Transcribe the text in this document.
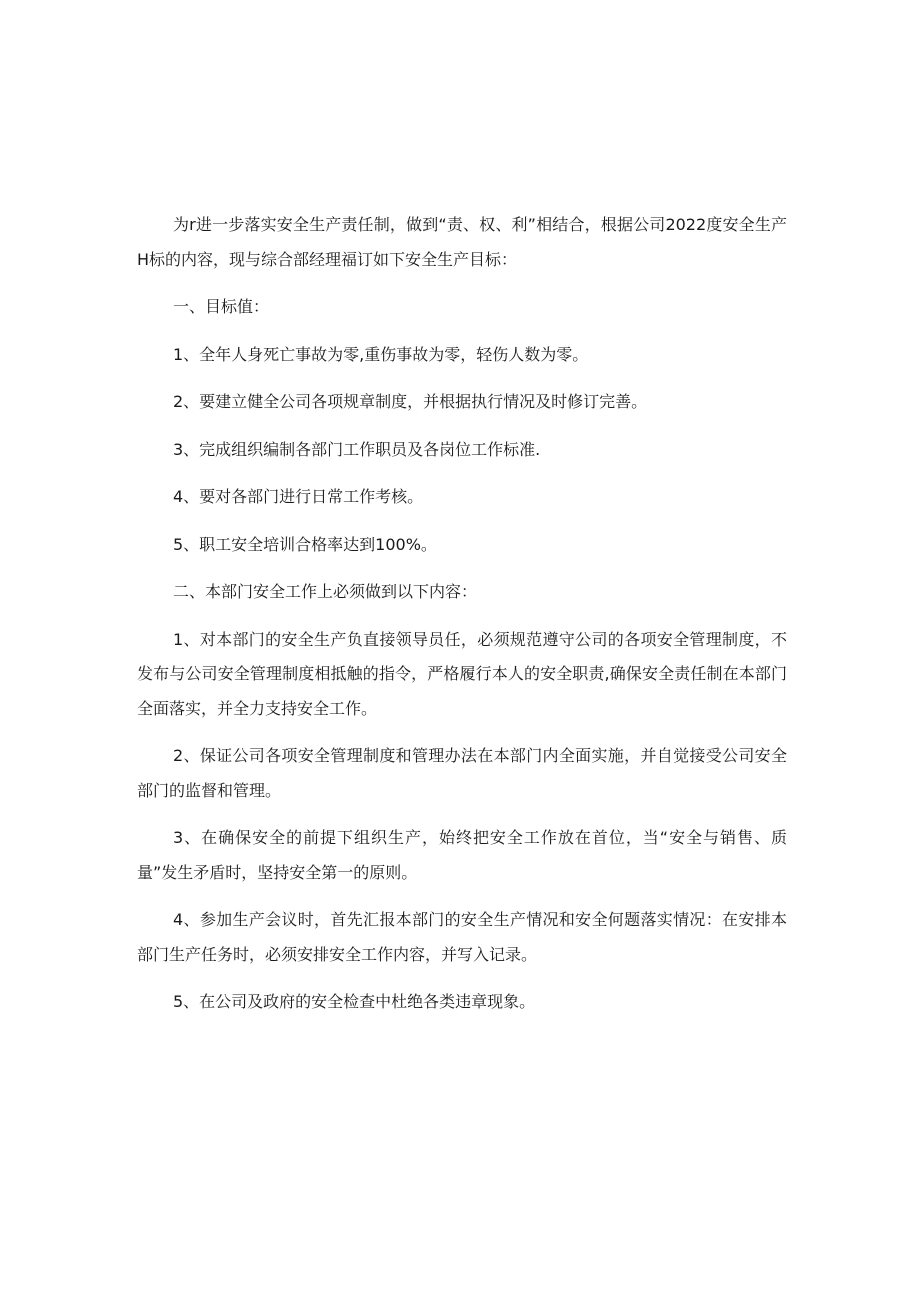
为r进一步落实安全生产责任制，做到“责、权、利”相结合，根据公司2022度安全生产H标的内容，现与综合部经理福订如下安全生产目标：

一、目标值：

1、全年人身死亡事故为零,重伤事故为零，轻伤人数为零。

2、要建立健全公司各项规章制度，并根据执行情况及时修订完善。

3、完成组织编制各部门工作职员及各岗位工作标准.

4、要对各部门进行日常工作考核。

5、职工安全培训合格率达到100%。

二、本部门安全工作上必须做到以下内容：

1、对本部门的安全生产负直接领导员任，必须规范遵守公司的各项安全管理制度，不发布与公司安全管理制度相抵触的指令，严格履行本人的安全职责,确保安全责任制在本部门全面落实，并全力支持安全工作。

2、保证公司各项安全管理制度和管理办法在本部门内全面实施，并自觉接受公司安全部门的监督和管理。

3、在确保安全的前提下组织生产，始终把安全工作放在首位，当“安全与销售、质量”发生矛盾时，坚持安全第一的原则。

4、参加生产会议时，首先汇报本部门的安全生产情况和安全何题落实情况：在安排本部门生产任务时，必须安排安全工作内容，并写入记录。

5、在公司及政府的安全检查中杜绝各类违章现象。
